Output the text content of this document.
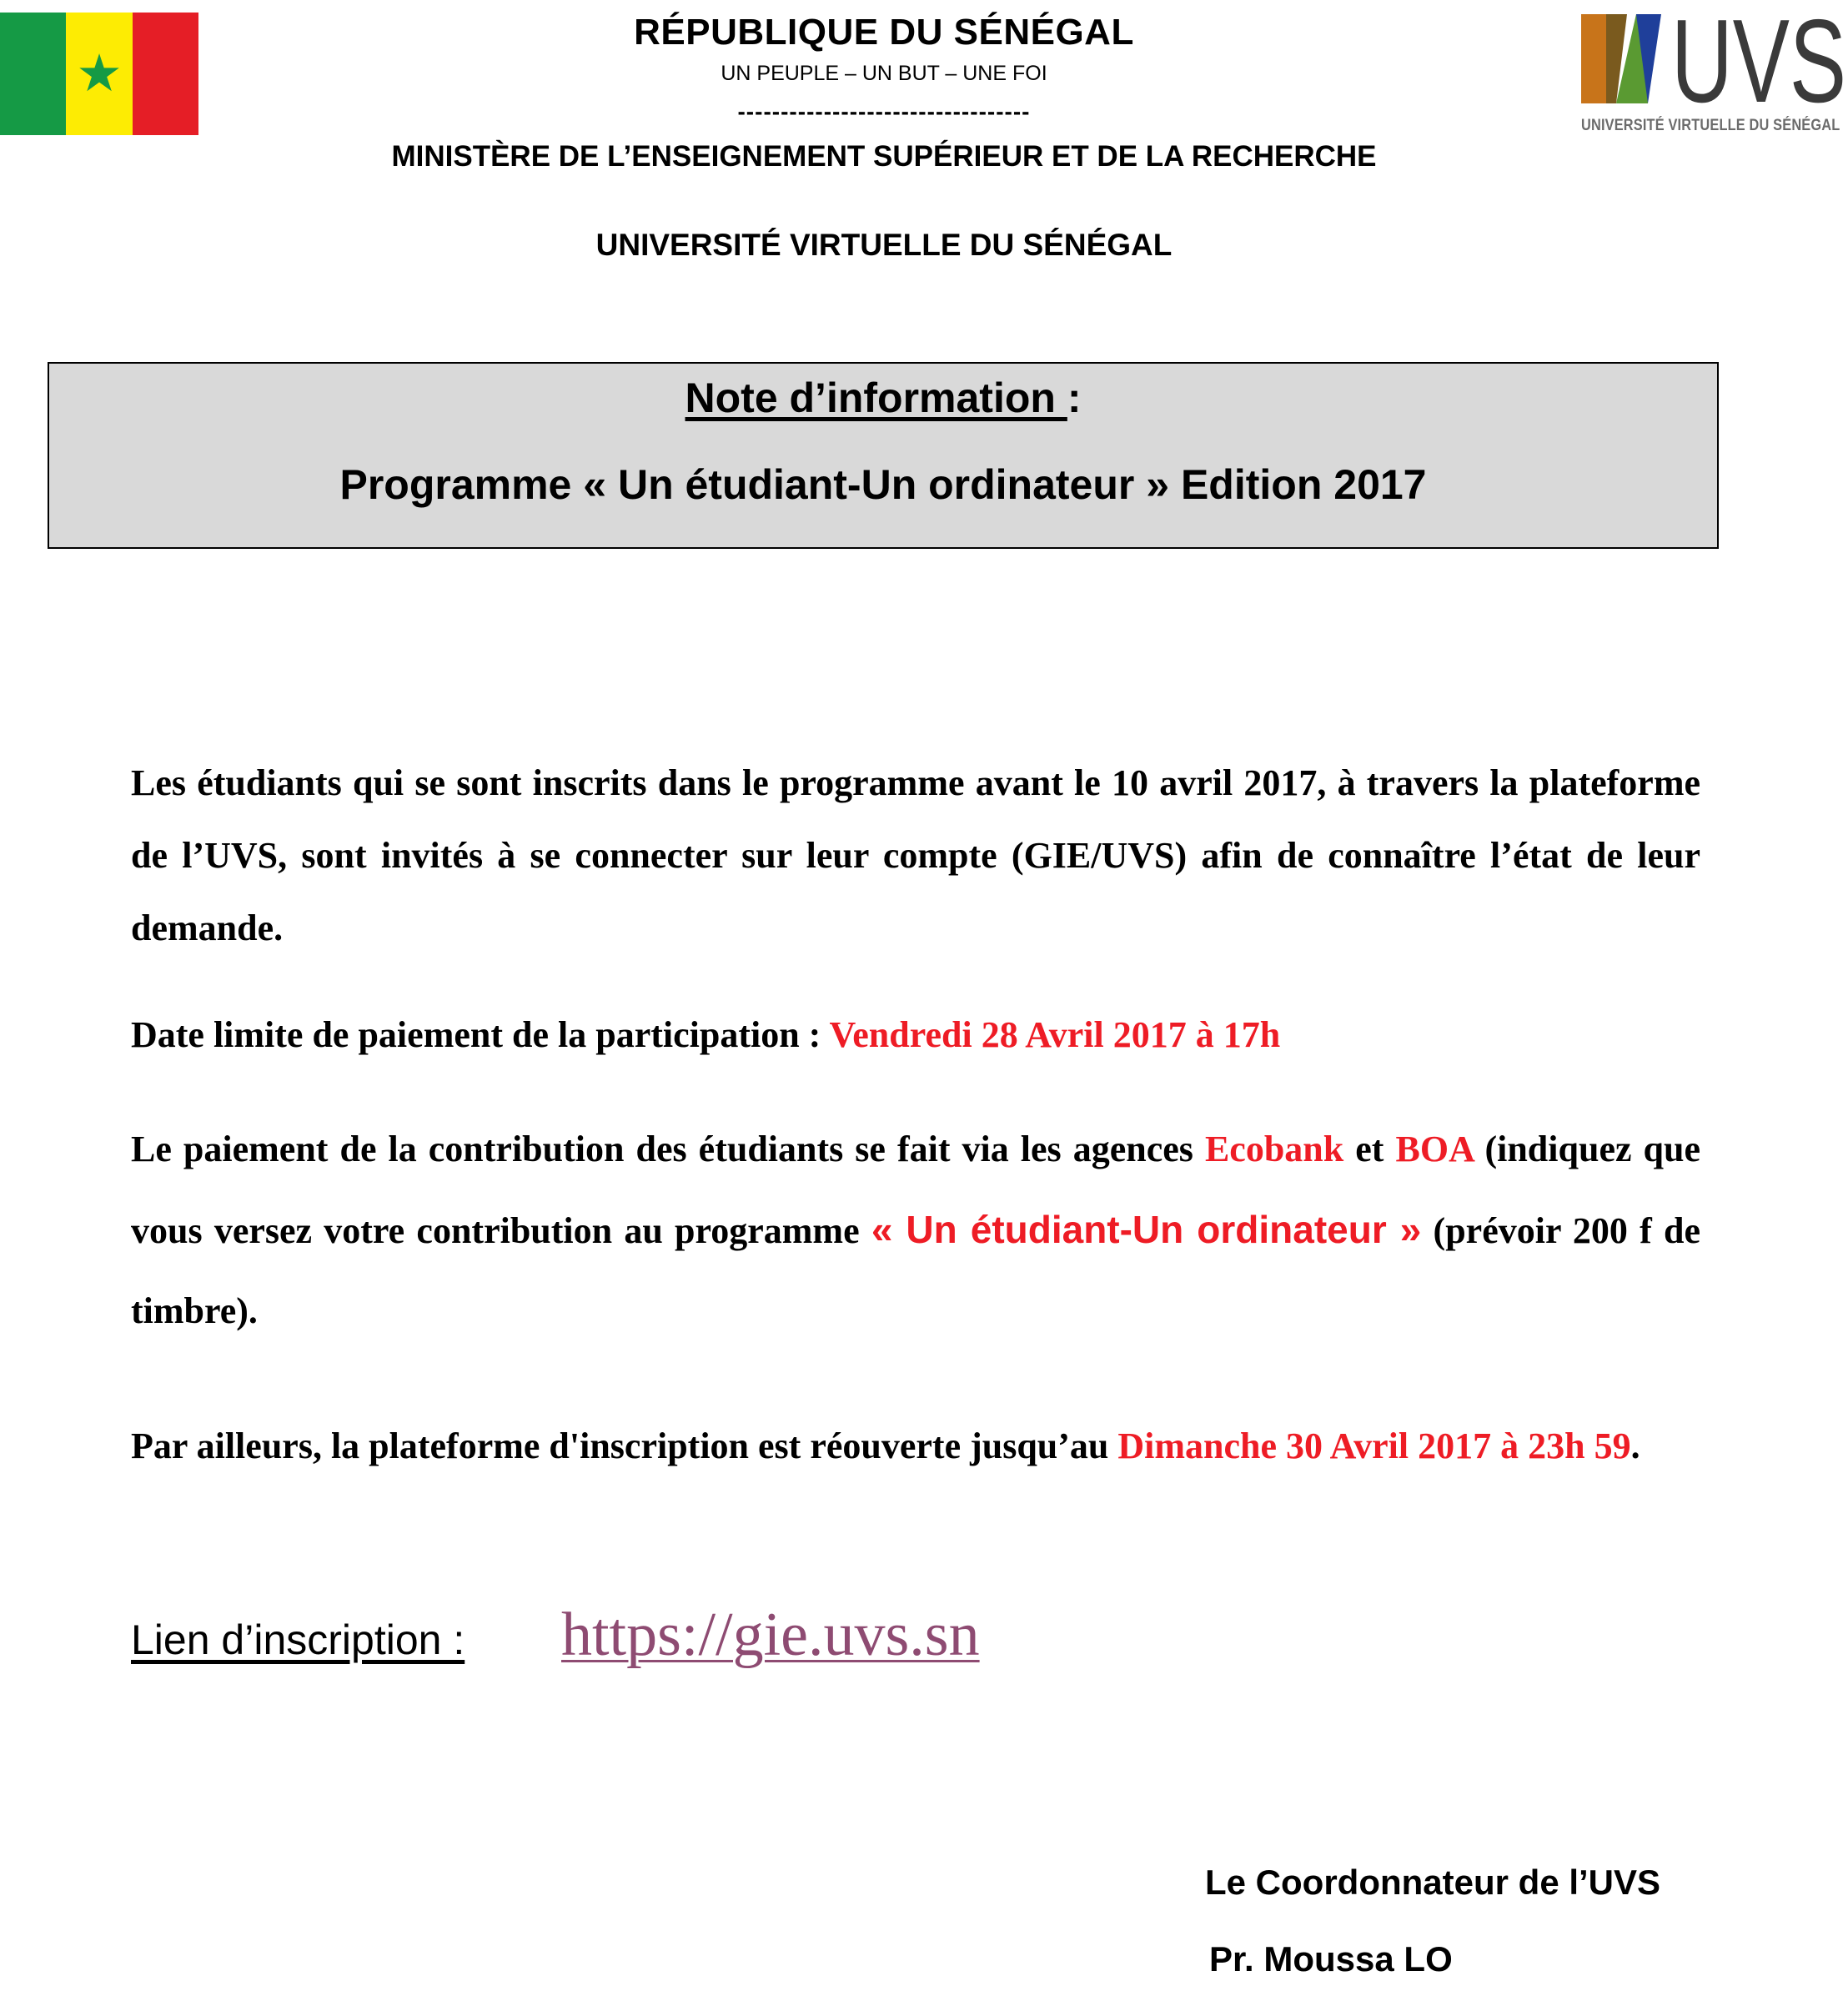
★
RÉPUBLIQUE DU SÉNÉGAL
UN PEUPLE – UN BUT – UNE FOI
----------------------------------
MINISTÈRE DE L’ENSEIGNEMENT SUPÉRIEUR ET DE LA RECHERCHE
UNIVERSITÉ VIRTUELLE DU SÉNÉGAL
UVS
UNIVERSITÉ VIRTUELLE DU SÉNÉGAL
Note d’information :
Programme « Un étudiant-Un ordinateur » Edition 2017
Les étudiants qui se sont inscrits dans le programme avant le 10 avril 2017, à travers la plateforme de l’UVS, sont invités à se connecter sur leur compte (GIE/UVS) afin de connaître l’état de leur demande.
Date limite de paiement de la participation : Vendredi 28 Avril 2017 à 17h
Le paiement de la contribution des étudiants se fait via les agences Ecobank et BOA (indiquez que vous versez votre contribution au programme « Un étudiant-Un ordinateur » (prévoir 200 f de timbre).
Par ailleurs, la plateforme d'inscription est réouverte jusqu’au Dimanche 30 Avril 2017 à 23h 59.
Lien d’inscription : https://gie.uvs.sn
Le Coordonnateur de l’UVS
Pr. Moussa LO
